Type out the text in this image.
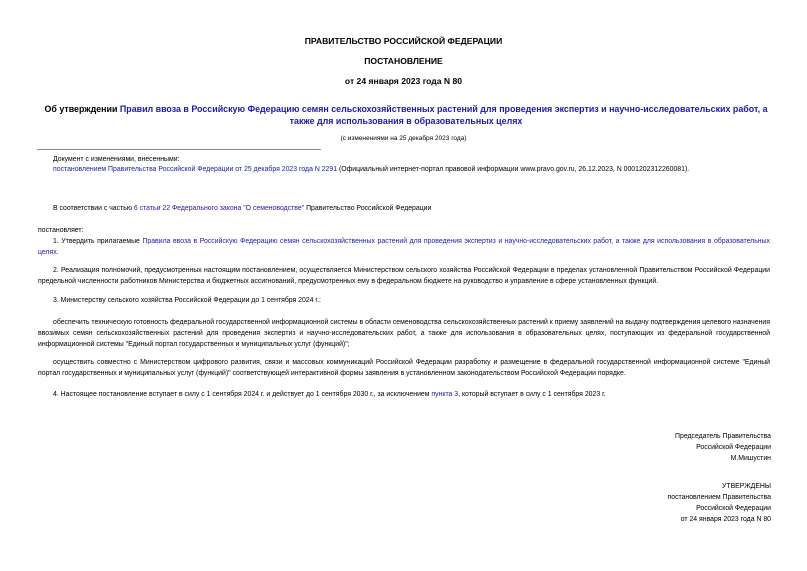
ПРАВИТЕЛЬСТВО РОССИЙСКОЙ ФЕДЕРАЦИИ
ПОСТАНОВЛЕНИЕ
от 24 января 2023 года N 80
Об утверждении Правил ввоза в Российскую Федерацию семян сельскохозяйственных растений для проведения экспертиз и научно-исследовательских работ, а также для использования в образовательных целях
(с изменениями на 25 декабря 2023 года)
Документ с изменениями, внесенными:
постановлением Правительства Российской Федерации от 25 декабря 2023 года N 2291 (Официальный интернет-портал правовой информации www.pravo.gov.ru, 26.12.2023, N 0001202312260081).
В соответствии с частью 6 статьи 22 Федерального закона "О семеноводстве" Правительство Российской Федерации
постановляет:
1. Утвердить прилагаемые Правила ввоза в Российскую Федерацию семян сельскохозяйственных растений для проведения экспертиз и научно-исследовательских работ, а также для использования в образовательных целях.
2. Реализация полномочий, предусмотренных настоящим постановлением, осуществляется Министерством сельского хозяйства Российской Федерации в пределах установленной Правительством Российской Федерации предельной численности работников Министерства и бюджетных ассигнований, предусмотренных ему в федеральном бюджете на руководство и управление в сфере установленных функций.
3. Министерству сельского хозяйства Российской Федерации до 1 сентября 2024 г.:
обеспечить техническую готовность федеральной государственной информационной системы в области семеноводства сельскохозяйственных растений к приему заявлений на выдачу подтверждения целевого назначения ввозимых семян сельскохозяйственных растений для проведения экспертиз и научно-исследовательских работ, а также для использования в образовательных целях, поступающих из федеральной государственной информационной системы "Единый портал государственных и муниципальных услуг (функций)";
осуществить совместно с Министерством цифрового развития, связи и массовых коммуникаций Российской Федерации разработку и размещение в федеральной государственной информационной системе "Единый портал государственных и муниципальных услуг (функций)" соответствующей интерактивной формы заявления в установленном законодательством Российской Федерации порядке.
4. Настоящее постановление вступает в силу с 1 сентября 2024 г. и действует до 1 сентября 2030 г., за исключением пункта 3, который вступает в силу с 1 сентября 2023 г.
Председатель Правительства
Российской Федерации
М.Мишустин
УТВЕРЖДЕНЫ
постановлением Правительства
Российской Федерации
от 24 января 2023 года N 80
